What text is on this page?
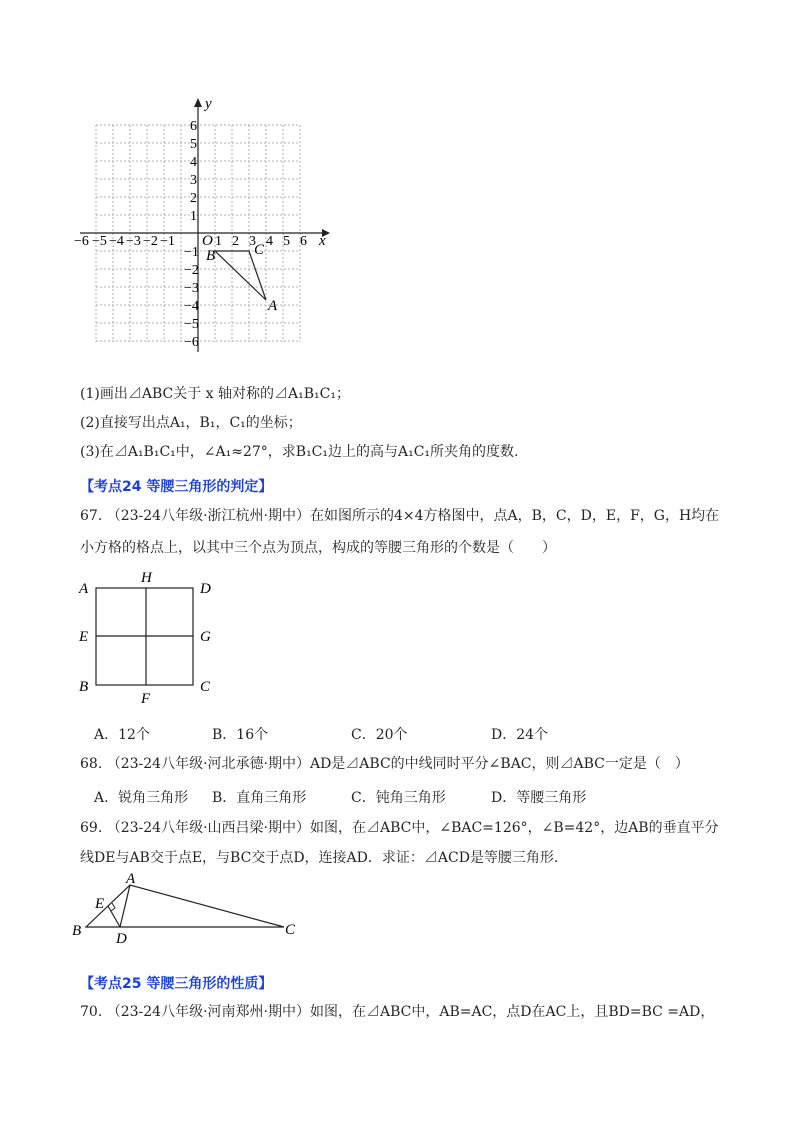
y
x
O
−6 −5 −4 −3 −2 −1	1 2 3 4 5 6
1
2
3
4
5
6
−1
−2
−3
−4
−5
−6
B	C
A
(1)画出⊿ABC关于 x 轴对称的⊿A₁B₁C₁；
(2)直接写出点A₁，B₁，C₁的坐标；
(3)在⊿A₁B₁C₁中，∠A₁≈27°，求B₁C₁边上的高与A₁C₁所夹角的度数.
【考点24 等腰三角形的判定】
67. （23-24八年级·浙江杭州·期中）在如图所示的4×4方格图中，点A，B，C，D，E，F，G，H均在
小方格的格点上，以其中三个点为顶点，构成的等腰三角形的个数是（　　）
A
H
D
E	G
B
F
C
A．12个	B．16个	C．20个	D．24个
68. （23-24八年级·河北承德·期中）AD是⊿ABC的中线同时平分∠BAC，则⊿ABC一定是（　）
A．锐角三角形 B．直角三角形	C．钝角三角形	D．等腰三角形
69. （23-24八年级·山西吕梁·期中）如图，在⊿ABC中，∠BAC=126°，∠B=42°，边AB的垂直平分
线DE与AB交于点E，与BC交于点D，连接AD．求证：⊿ACD是等腰三角形.
A
E
B D
C
【考点25 等腰三角形的性质】
70. （23-24八年级·河南郑州·期中）如图，在⊿ABC中，AB=AC，点D在AC上，且BD=BC =AD，
